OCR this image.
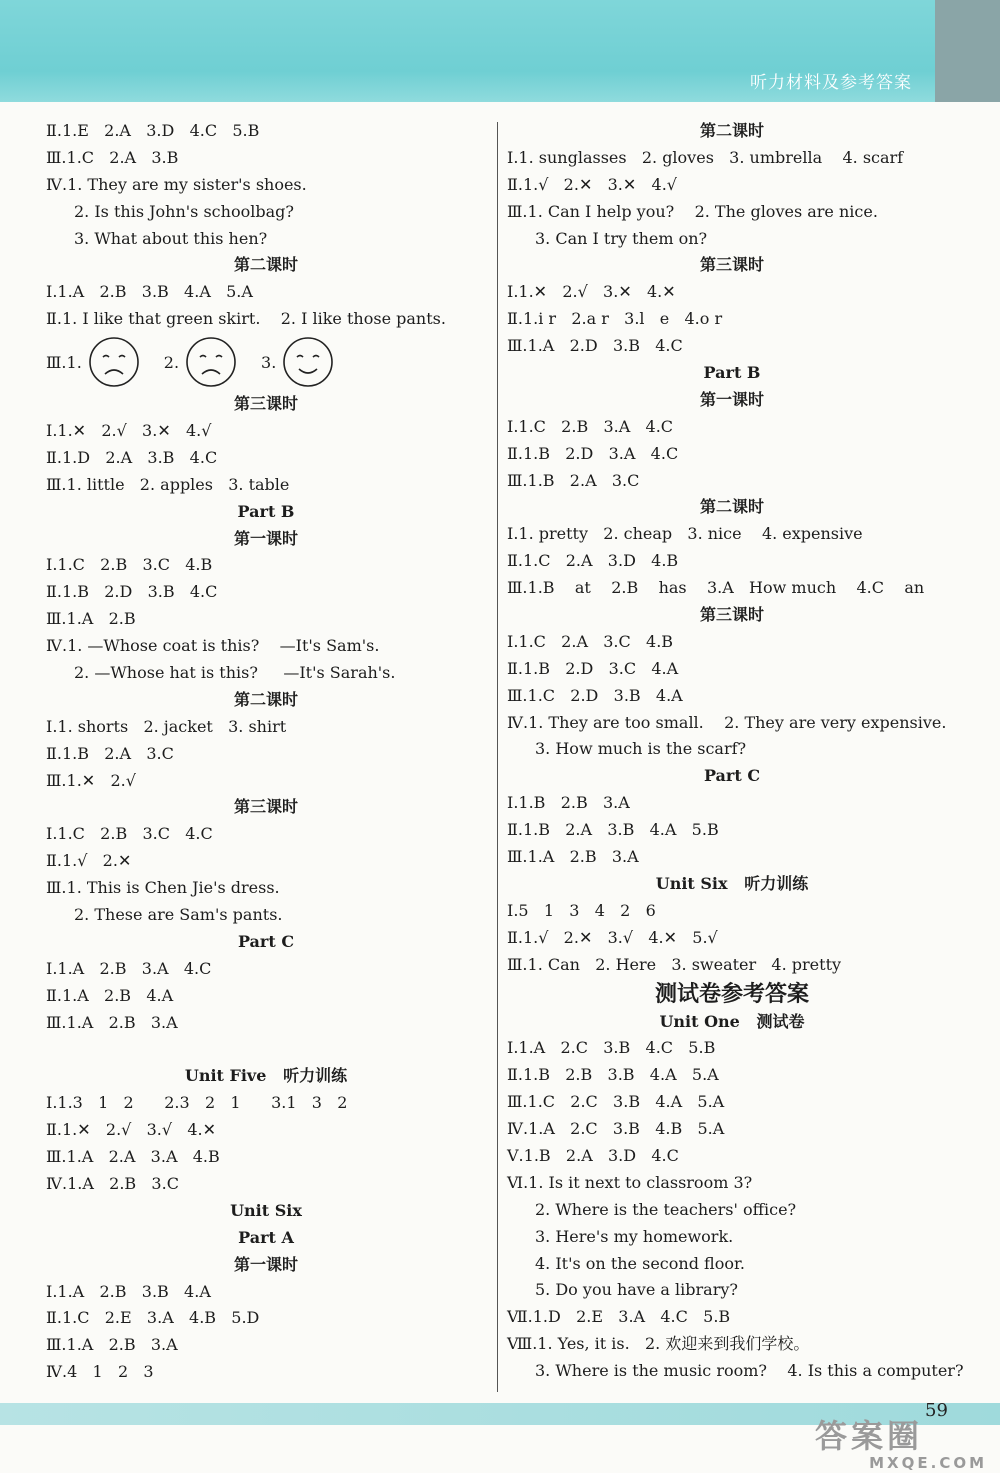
听力材料及参考答案
Ⅱ.1.E   2.A   3.D   4.C   5.B
Ⅲ.1.C   2.A   3.B
Ⅳ.1. They are my sister's shoes.
2. Is this John's schoolbag?
3. What about this hen?
第二课时
Ⅰ.1.A   2.B   3.B   4.A   5.A
Ⅱ.1. I like that green skirt.    2. I like those pants.
Ⅲ.1.	2.	3.
第三课时
Ⅰ.1.✕   2.√   3.✕   4.√
Ⅱ.1.D   2.A   3.B   4.C
Ⅲ.1. little   2. apples   3. table
Part B
第一课时
Ⅰ.1.C   2.B   3.C   4.B
Ⅱ.1.B   2.D   3.B   4.C
Ⅲ.1.A   2.B
Ⅳ.1. —Whose coat is this?    —It's Sam's.
2. —Whose hat is this?     —It's Sarah's.
第二课时
Ⅰ.1. shorts   2. jacket   3. shirt
Ⅱ.1.B   2.A   3.C
Ⅲ.1.✕   2.√
第三课时
Ⅰ.1.C   2.B   3.C   4.C
Ⅱ.1.√   2.✕
Ⅲ.1. This is Chen Jie's dress.
2. These are Sam's pants.
Part C
Ⅰ.1.A   2.B   3.A   4.C
Ⅱ.1.A   2.B   4.A
Ⅲ.1.A   2.B   3.A
Unit Five   听力训练
Ⅰ.1.3   1   2      2.3   2   1      3.1   3   2
Ⅱ.1.✕   2.√   3.√   4.✕
Ⅲ.1.A   2.A   3.A   4.B
Ⅳ.1.A   2.B   3.C
Unit Six
Part A
第一课时
Ⅰ.1.A   2.B   3.B   4.A
Ⅱ.1.C   2.E   3.A   4.B   5.D
Ⅲ.1.A   2.B   3.A
Ⅳ.4   1   2   3
第二课时
Ⅰ.1. sunglasses   2. gloves   3. umbrella    4. scarf
Ⅱ.1.√   2.✕   3.✕   4.√
Ⅲ.1. Can I help you?    2. The gloves are nice.
3. Can I try them on?
第三课时
Ⅰ.1.✕   2.√   3.✕   4.✕
Ⅱ.1.i r   2.a r   3.l   e   4.o r
Ⅲ.1.A   2.D   3.B   4.C
Part B
第一课时
Ⅰ.1.C   2.B   3.A   4.C
Ⅱ.1.B   2.D   3.A   4.C
Ⅲ.1.B   2.A   3.C
第二课时
Ⅰ.1. pretty   2. cheap   3. nice    4. expensive
Ⅱ.1.C   2.A   3.D   4.B
Ⅲ.1.B    at    2.B    has    3.A   How much    4.C    an
第三课时
Ⅰ.1.C   2.A   3.C   4.B
Ⅱ.1.B   2.D   3.C   4.A
Ⅲ.1.C   2.D   3.B   4.A
Ⅳ.1. They are too small.    2. They are very expensive.
3. How much is the scarf?
Part C
Ⅰ.1.B   2.B   3.A
Ⅱ.1.B   2.A   3.B   4.A   5.B
Ⅲ.1.A   2.B   3.A
Unit Six   听力训练
Ⅰ.5   1   3   4   2   6
Ⅱ.1.√   2.✕   3.√   4.✕   5.√
Ⅲ.1. Can   2. Here   3. sweater   4. pretty
测试卷参考答案
Unit One   测试卷
Ⅰ.1.A   2.C   3.B   4.C   5.B
Ⅱ.1.B   2.B   3.B   4.A   5.A
Ⅲ.1.C   2.C   3.B   4.A   5.A
Ⅳ.1.A   2.C   3.B   4.B   5.A
Ⅴ.1.B   2.A   3.D   4.C
Ⅵ.1. Is it next to classroom 3?
2. Where is the teachers' office?
3. Here's my homework.
4. It's on the second floor.
5. Do you have a library?
Ⅶ.1.D   2.E   3.A   4.C   5.B
Ⅷ.1. Yes, it is.   2. 欢迎来到我们学校。
3. Where is the music room?    4. Is this a computer?
59
答案圈
MXQE.COM
